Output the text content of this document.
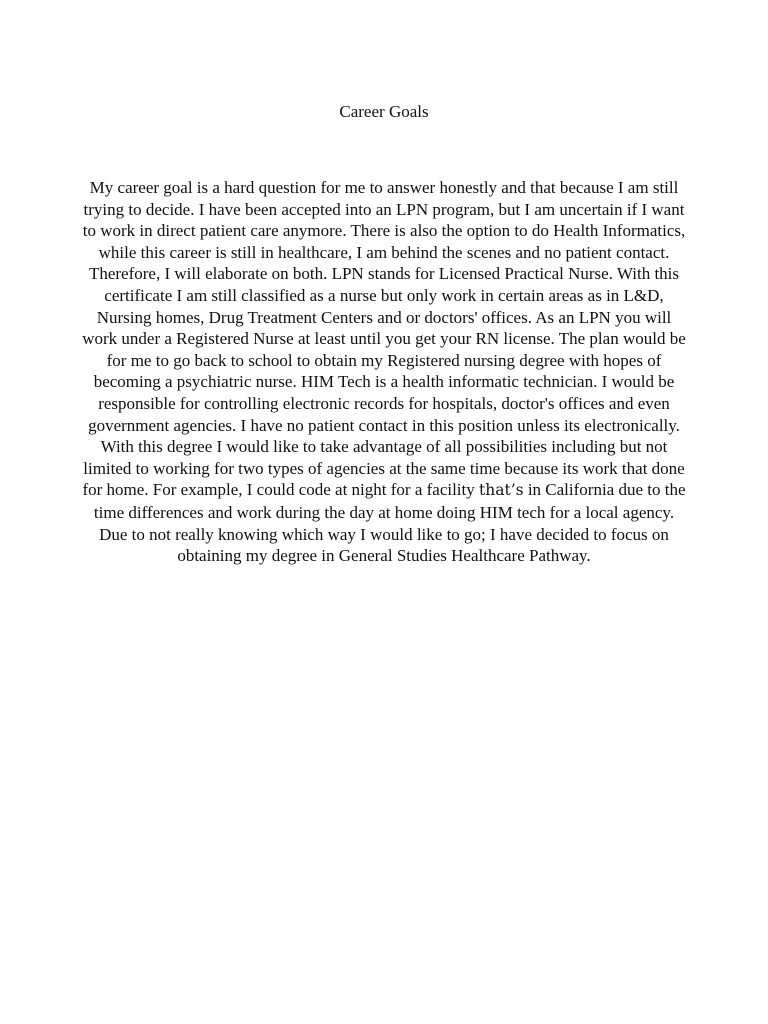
Career Goals

My career goal is a hard question for me to answer honestly and that because I am still trying to decide. I have been accepted into an LPN program, but I am uncertain if I want to work in direct patient care anymore. There is also the option to do Health Informatics, while this career is still in healthcare, I am behind the scenes and no patient contact. Therefore, I will elaborate on both. LPN stands for Licensed Practical Nurse. With this certificate I am still classified as a nurse but only work in certain areas as in L&D, Nursing homes, Drug Treatment Centers and or doctors' offices. As an LPN you will work under a Registered Nurse at least until you get your RN license. The plan would be for me to go back to school to obtain my Registered nursing degree with hopes of becoming a psychiatric nurse. HIM Tech is a health informatic technician. I would be responsible for controlling electronic records for hospitals, doctor's offices and even government agencies. I have no patient contact in this position unless its electronically. With this degree I would like to take advantage of all possibilities including but not limited to working for two types of agencies at the same time because its work that done for home. For example, I could code at night for a facility that’s in California due to the time differences and work during the day at home doing HIM tech for a local agency. Due to not really knowing which way I would like to go; I have decided to focus on obtaining my degree in General Studies Healthcare Pathway.
